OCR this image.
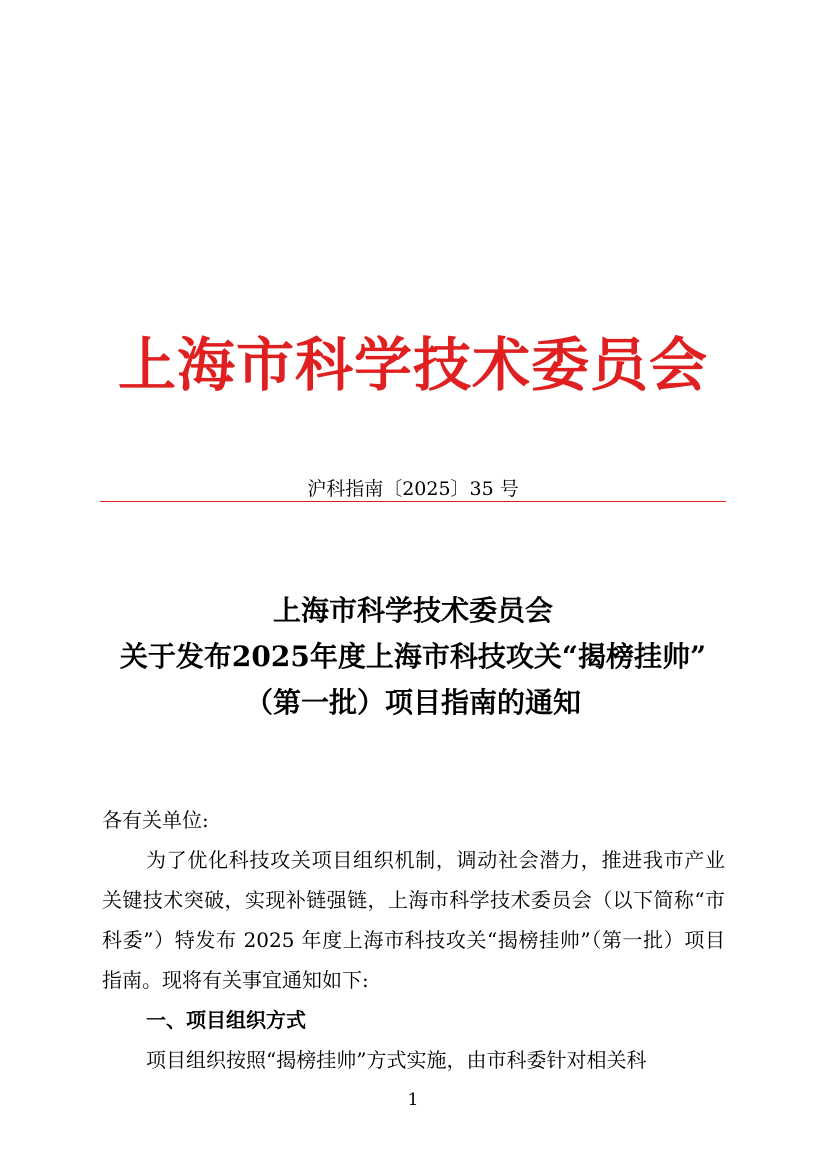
上海市科学技术委员会
沪科指南〔2025〕35 号
上海市科学技术委员会
关于发布2025年度上海市科技攻关“揭榜挂帅”
（第一批）项目指南的通知

各有关单位:

为了优化科技攻关项目组织机制，调动社会潜力，推进我市产业关键技术突破，实现补链强链，上海市科学技术委员会（以下简称“市科委”）特发布 2025 年度上海市科技攻关“揭榜挂帅”（第一批）项目指南。现将有关事宜通知如下:

一、项目组织方式

项目组织按照“揭榜挂帅”方式实施，由市科委针对相关科

1
